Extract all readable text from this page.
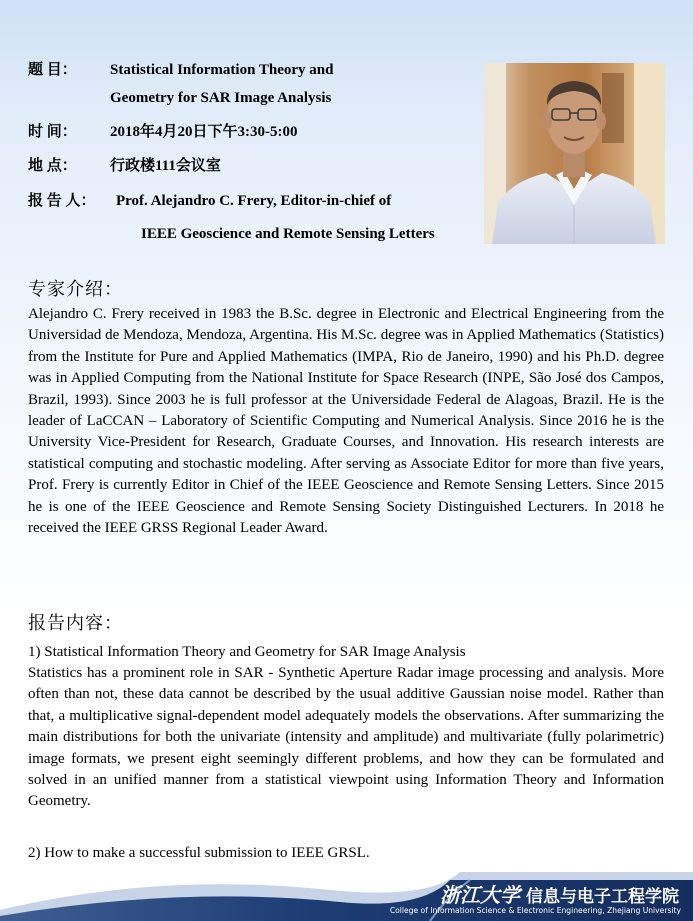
题 目： Statistical Information Theory and
Geometry for SAR Image Analysis
时 间： 2018年4月20日下午3:30-5:00
地 点： 行政楼111会议室
报 告 人： Prof. Alejandro C. Frery, Editor-in-chief of
IEEE Geoscience and Remote Sensing Letters
专家介绍：

Alejandro C. Frery received in 1983 the B.Sc. degree in Electronic and Electrical Engineering from the Universidad de Mendoza, Mendoza, Argentina. His M.Sc. degree was in Applied Mathematics (Statistics) from the Institute for Pure and Applied Mathematics (IMPA, Rio de Janeiro, 1990) and his Ph.D. degree was in Applied Computing from the National Institute for Space Research (INPE, São José dos Campos, Brazil, 1993). Since 2003 he is full professor at the Universidade Federal de Alagoas, Brazil. He is the leader of LaCCAN – Laboratory of Scientific Computing and Numerical Analysis. Since 2016 he is the University Vice-President for Research, Graduate Courses, and Innovation. His research interests are statistical computing and stochastic modeling. After serving as Associate Editor for more than five years, Prof. Frery is currently Editor in Chief of the IEEE Geoscience and Remote Sensing Letters. Since 2015 he is one of the IEEE Geoscience and Remote Sensing Society Distinguished Lecturers. In 2018 he received the IEEE GRSS Regional Leader Award.

报告内容：

1) Statistical Information Theory and Geometry for SAR Image Analysis

Statistics has a prominent role in SAR - Synthetic Aperture Radar image processing and analysis. More often than not, these data cannot be described by the usual additive Gaussian noise model. Rather than that, a multiplicative signal-dependent model adequately models the observations. After summarizing the main distributions for both the univariate (intensity and amplitude) and multivariate (fully polarimetric) image formats, we present eight seemingly different problems, and how they can be formulated and solved in an unified manner from a statistical viewpoint using Information Theory and Information Geometry.

2) How to make a successful submission to IEEE GRSL.

浙江大学 信息与电子工程学院
College of Information Science & Electronic Engineering, Zhejiang University
